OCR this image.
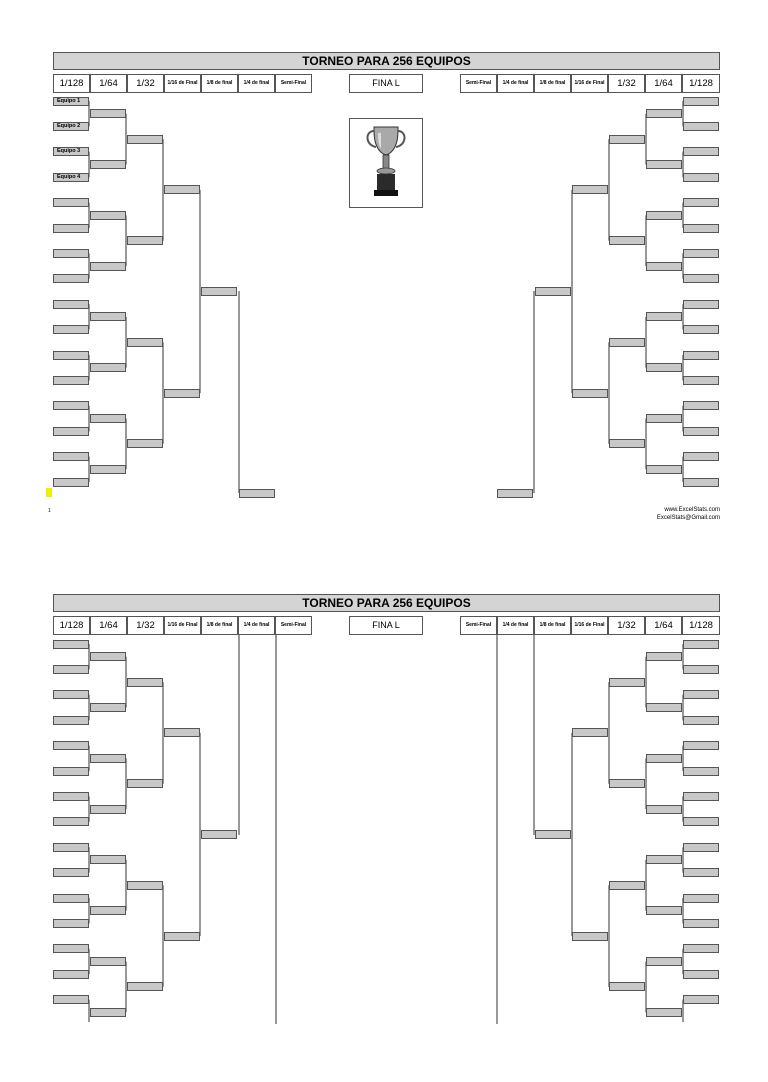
TORNEO PARA 256 EQUIPOS
1/128	1/64	1/32	1/16 de Final	1/8 de final	1/4 de final	Semi-Final	FINA L	Semi-Final	1/4 de final	1/8 de final	1/16 de Final	1/32	1/64	1/128
Equipo 1
Equipo 2
Equipo 3
Equipo 4
1	www.ExcelStats.com
ExcelStats@Gmail.com
TORNEO PARA 256 EQUIPOS
1/128	1/64	1/32	1/16 de Final	1/8 de final	1/4 de final	Semi-Final	FINA L	Semi-Final	1/4 de final	1/8 de final	1/16 de Final	1/32	1/64	1/128
